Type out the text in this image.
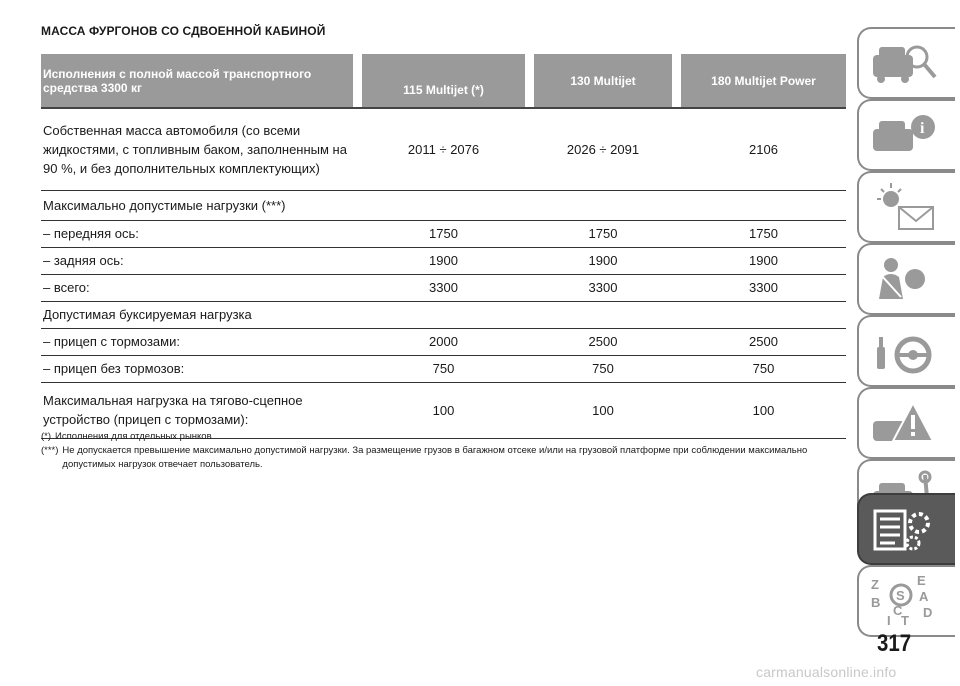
МАССА ФУРГОНОВ СО СДВОЕННОЙ КАБИНОЙ
Исполнения с полной массой транспортного средства 3300 кг		115 Multijet (*)		130 Multijet		180 Multijet Power
Собственная масса автомобиля (со всеми жидкостями, с топливным баком, заполненным на 90 %, и без дополнительных комплектующих)		2011 ÷ 2076		2026 ÷ 2091		2106
Максимально допустимые нагрузки (***)						
– передняя ось:		1750		1750		1750
– задняя ось:		1900		1900		1900
– всего:		3300		3300		3300
Допустимая буксируемая нагрузка						
– прицеп с тормозами:		2000		2500		2500
– прицеп без тормозов:		750		750		750
Максимальная нагрузка на тягово-сцепное устройство (прицеп с тормозами):		100		100		100
(*) Исполнения для отдельных рынков
(***) Не допускается превышение максимально допустимой нагрузки. За размещение грузов в багажном отсеке и/или на грузовой платформе при соблюдении максимально допустимых нагрузок отвечает пользователь.
i
Z	E
A
B
D
I T
C
S
317
carmanualsonline.info
